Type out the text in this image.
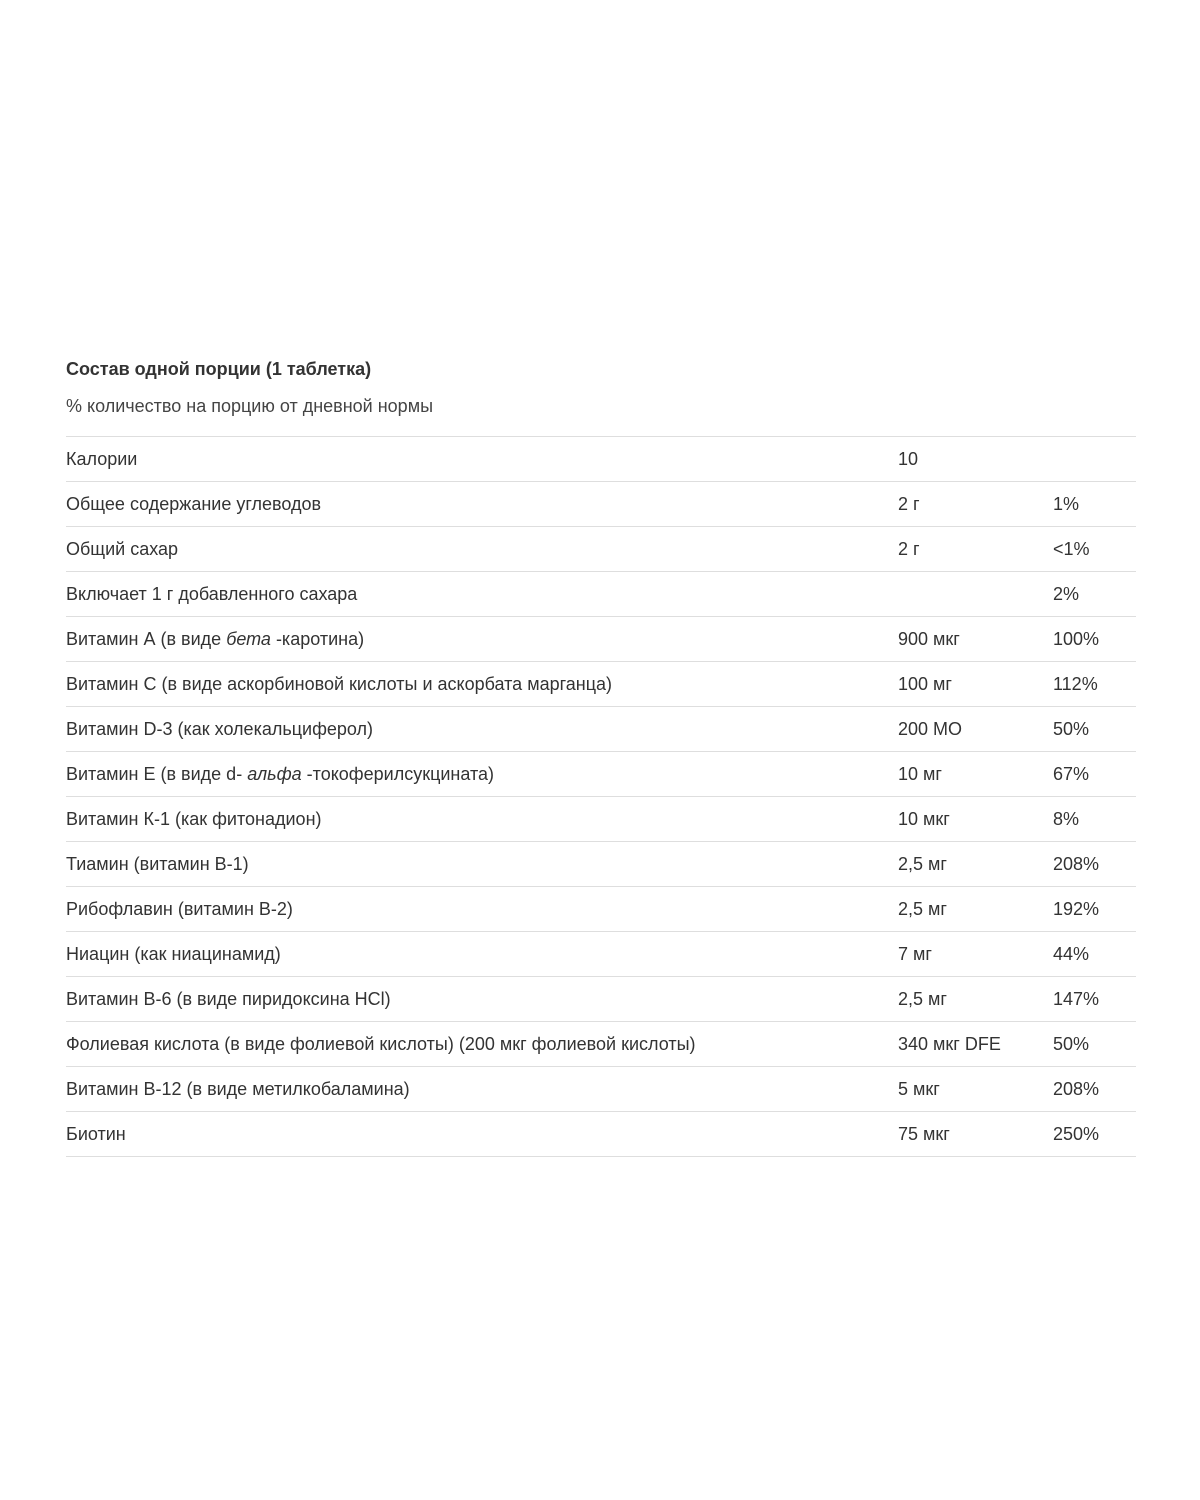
Состав одной порции (1 таблетка)
% количество на порцию от дневной нормы
Калории	10	
Общее содержание углеводов	2 г	1%
Общий сахар	2 г	<1%
Включает 1 г добавленного сахара		2%
Витамин А (в виде бета -каротина)	900 мкг	100%
Витамин С (в виде аскорбиновой кислоты и аскорбата марганца)	100 мг	112%
Витамин D-3 (как холекальциферол)	200 МО	50%
Витамин Е (в виде d- альфа -токоферилсукцината)	10 мг	67%
Витамин К-1 (как фитонадион)	10 мкг	8%
Тиамин (витамин В-1)	2,5 мг	208%
Рибофлавин (витамин В-2)	2,5 мг	192%
Ниацин (как ниацинамид)	7 мг	44%
Витамин В-6 (в виде пиридоксина HCl)	2,5 мг	147%
Фолиевая кислота (в виде фолиевой кислоты) (200 мкг фолиевой кислоты)	340 мкг DFE	50%
Витамин В-12 (в виде метилкобаламина)	5 мкг	208%
Биотин	75 мкг	250%
